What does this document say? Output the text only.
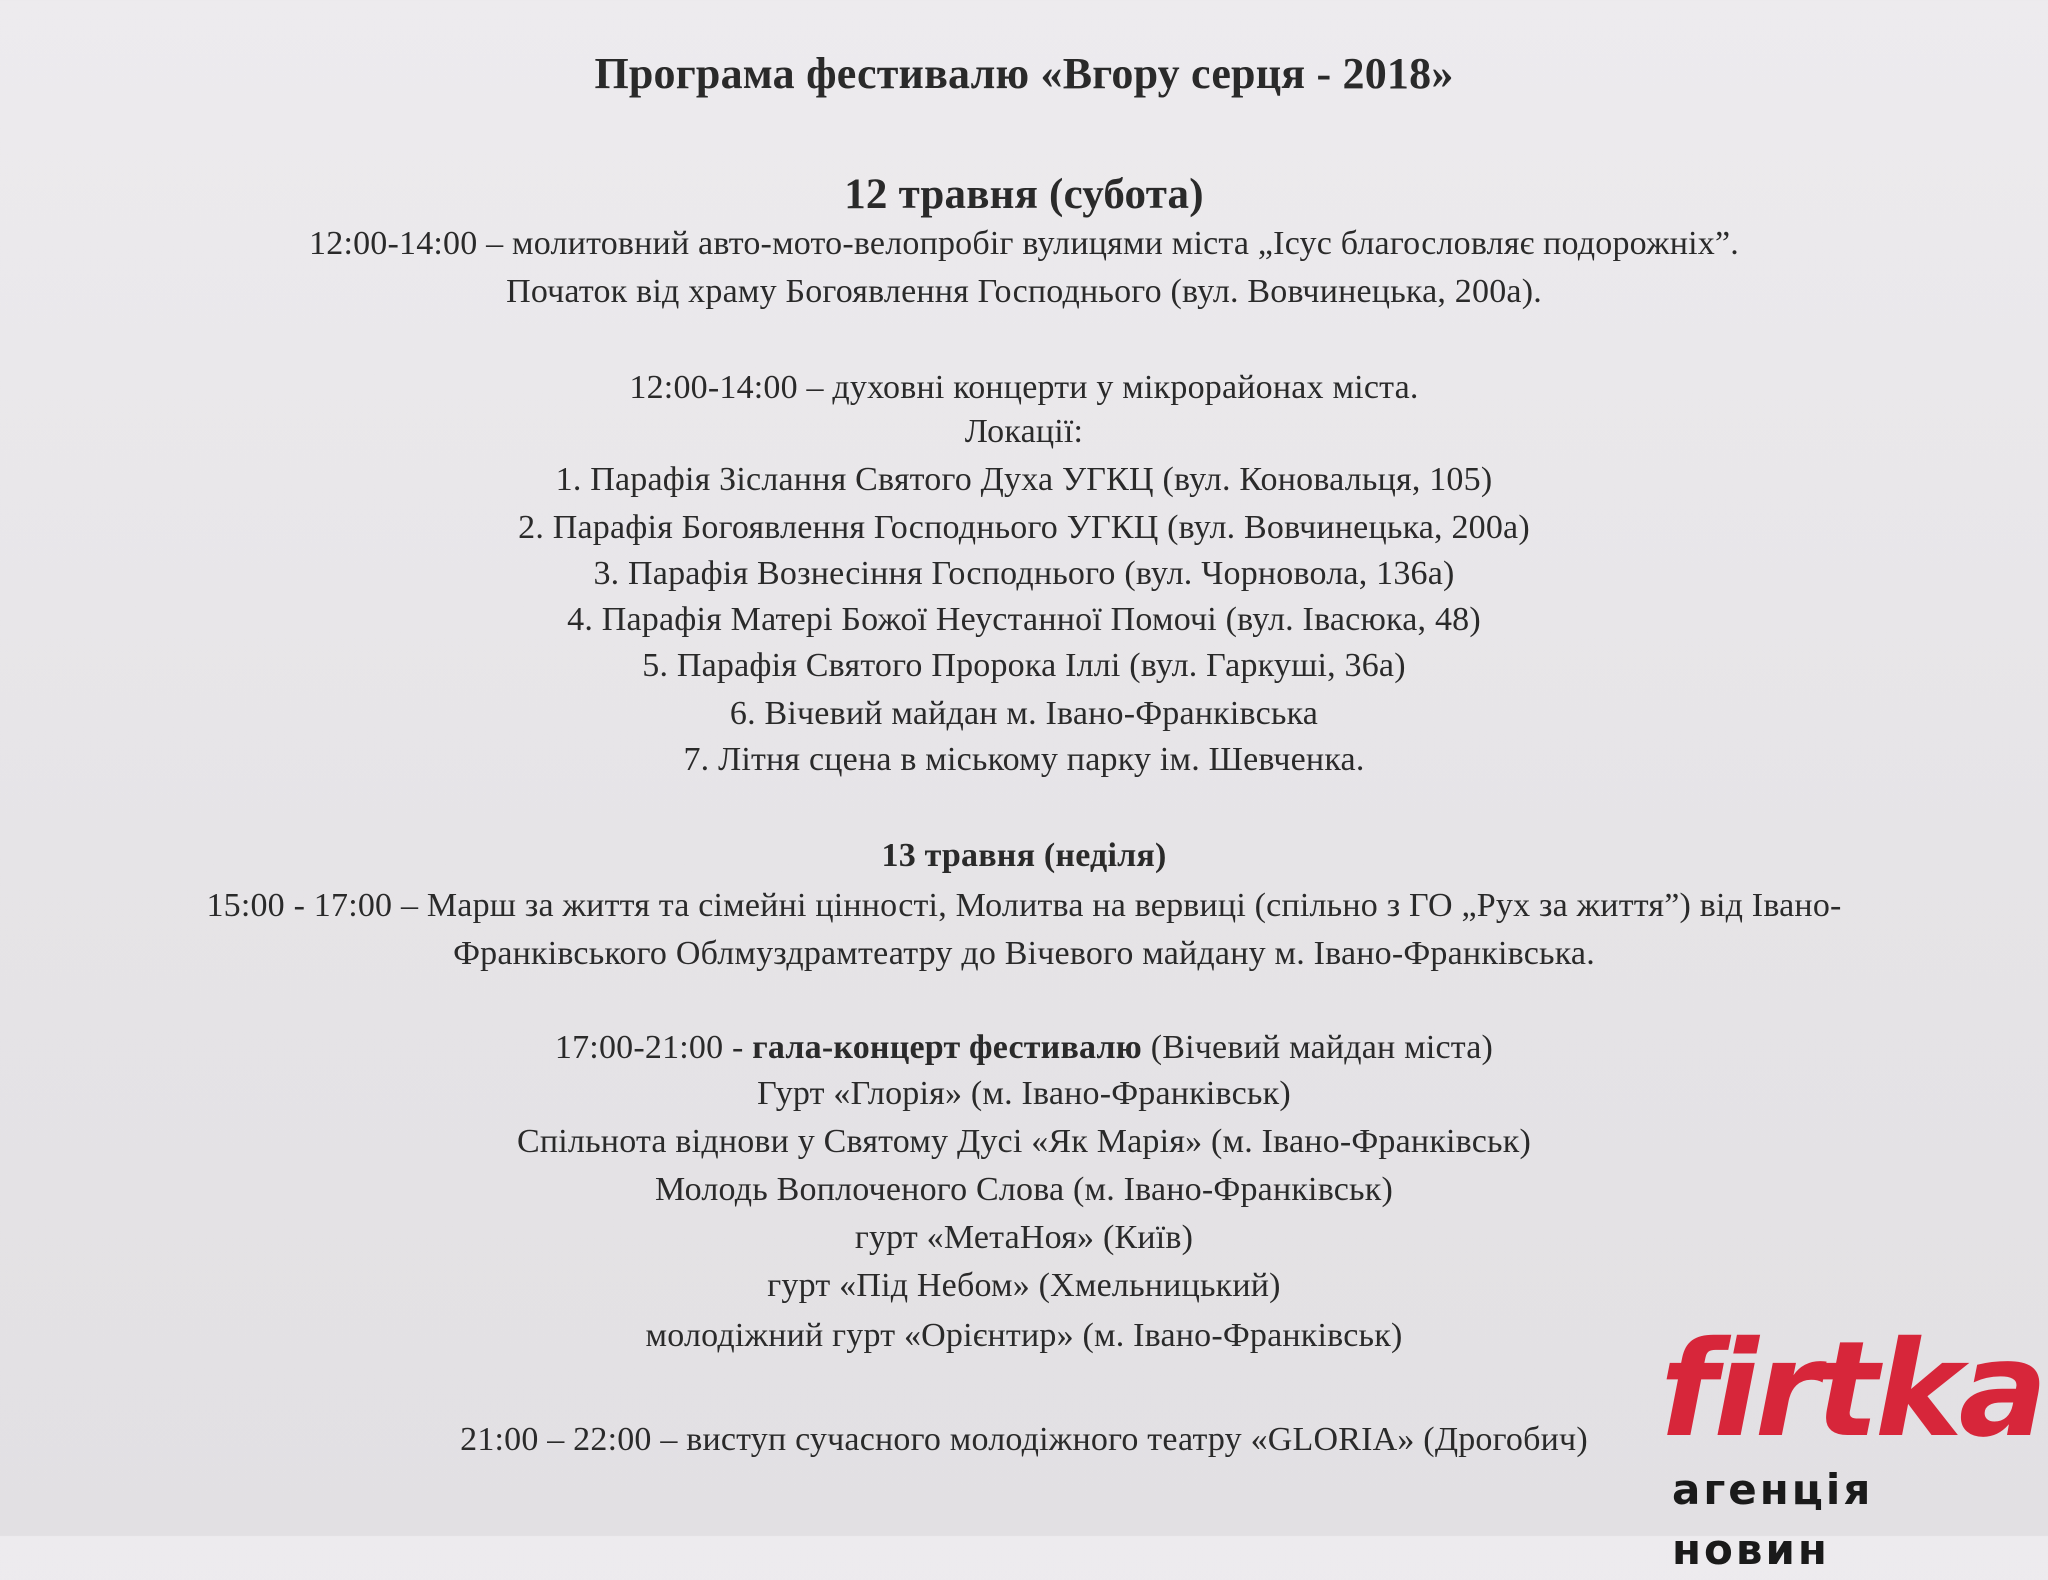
Програма фестивалю «Вгору серця - 2018»
12 травня (субота)
12:00-14:00 – молитовний авто-мото-велопробіг вулицями міста „Ісус благословляє подорожніх”.
Початок від храму Богоявлення Господнього (вул. Вовчинецька, 200а).
12:00-14:00 – духовні концерти у мікрорайонах міста.
Локації:
1. Парафія Зіслання Святого Духа УГКЦ (вул. Коновальця, 105)
2. Парафія Богоявлення Господнього УГКЦ (вул. Вовчинецька, 200а)
3. Парафія Вознесіння Господнього (вул. Чорновола, 136а)
4. Парафія Матері Божої Неустанної Помочі (вул. Івасюка, 48)
5. Парафія Святого Пророка Іллі (вул. Гаркуші, 36а)
6. Вічевий майдан м. Івано-Франківська
7. Літня сцена в міському парку ім. Шевченка.
13 травня (неділя)
15:00 - 17:00 – Марш за життя та сімейні цінності, Молитва на вервиці (спільно з ГО „Рух за життя”) від Івано-
Франківського Облмуздрамтеатру до Вічевого майдану м. Івано-Франківська.
17:00-21:00 - гала-концерт фестивалю (Вічевий майдан міста)
Гурт «Глорія» (м. Івано-Франківськ)
Спільнота віднови у Святому Дусі «Як Марія» (м. Івано-Франківськ)
Молодь Воплоченого Слова (м. Івано-Франківськ)
гурт «МетаНоя» (Київ)
гурт «Під Небом» (Хмельницький)
молодіжний гурт «Орієнтир» (м. Івано-Франківськ)
21:00 – 22:00 – виступ сучасного молодіжного театру «GLORIA» (Дрогобич) firtka
агенція новин
